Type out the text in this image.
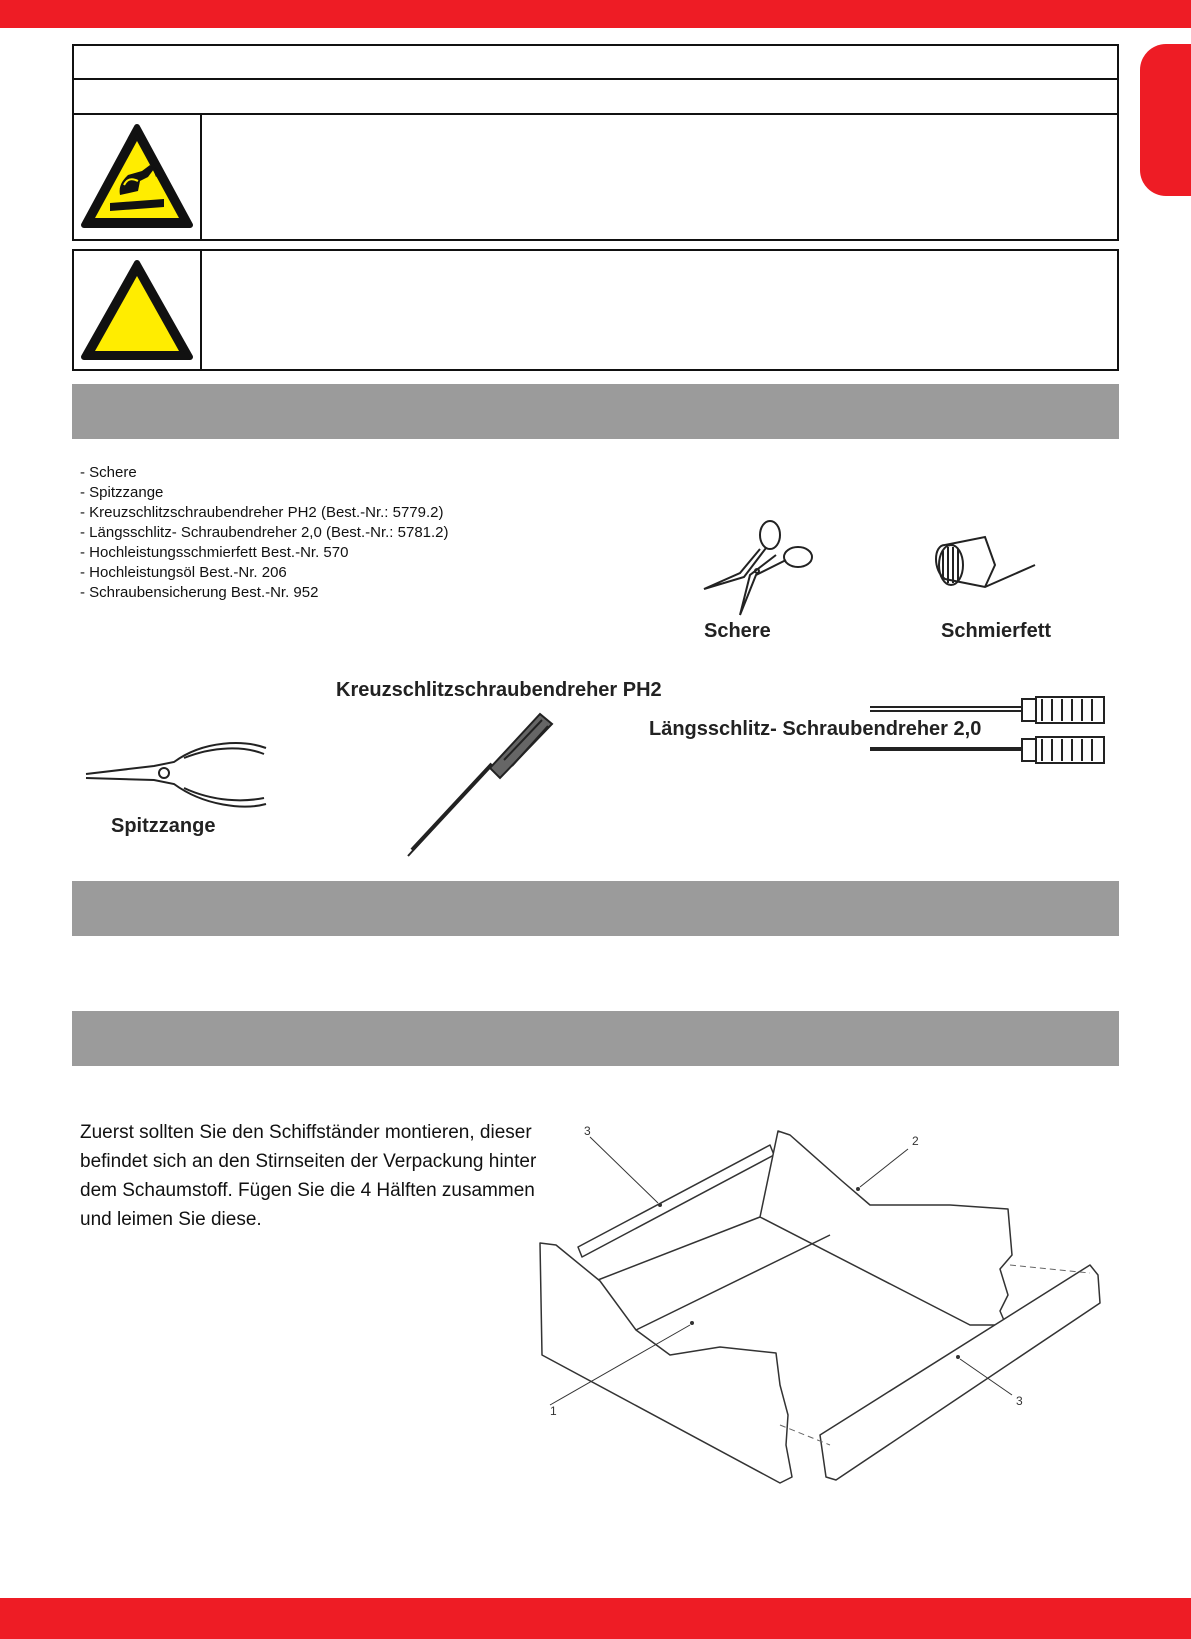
- Schere
- Spitzzange
- Kreuzschlitzschraubendreher PH2 (Best.-Nr.: 5779.2)
- Längsschlitz- Schraubendreher 2,0 (Best.-Nr.: 5781.2)
- Hochleistungsschmierfett Best.-Nr. 570
- Hochleistungsöl Best.-Nr. 206
- Schraubensicherung Best.-Nr. 952
Schere	Schmierfett
Kreuzschlitzschraubendreher PH2
Längsschlitz- Schraubendreher 2,0
Spitzzange
Zuerst sollten Sie den Schiffständer montieren, dieser befindet sich an den Stirnseiten der Verpackung hinter dem Schaumstoff. Fügen Sie die 4 Hälften zusammen und leimen Sie diese.
1
2
3
3
